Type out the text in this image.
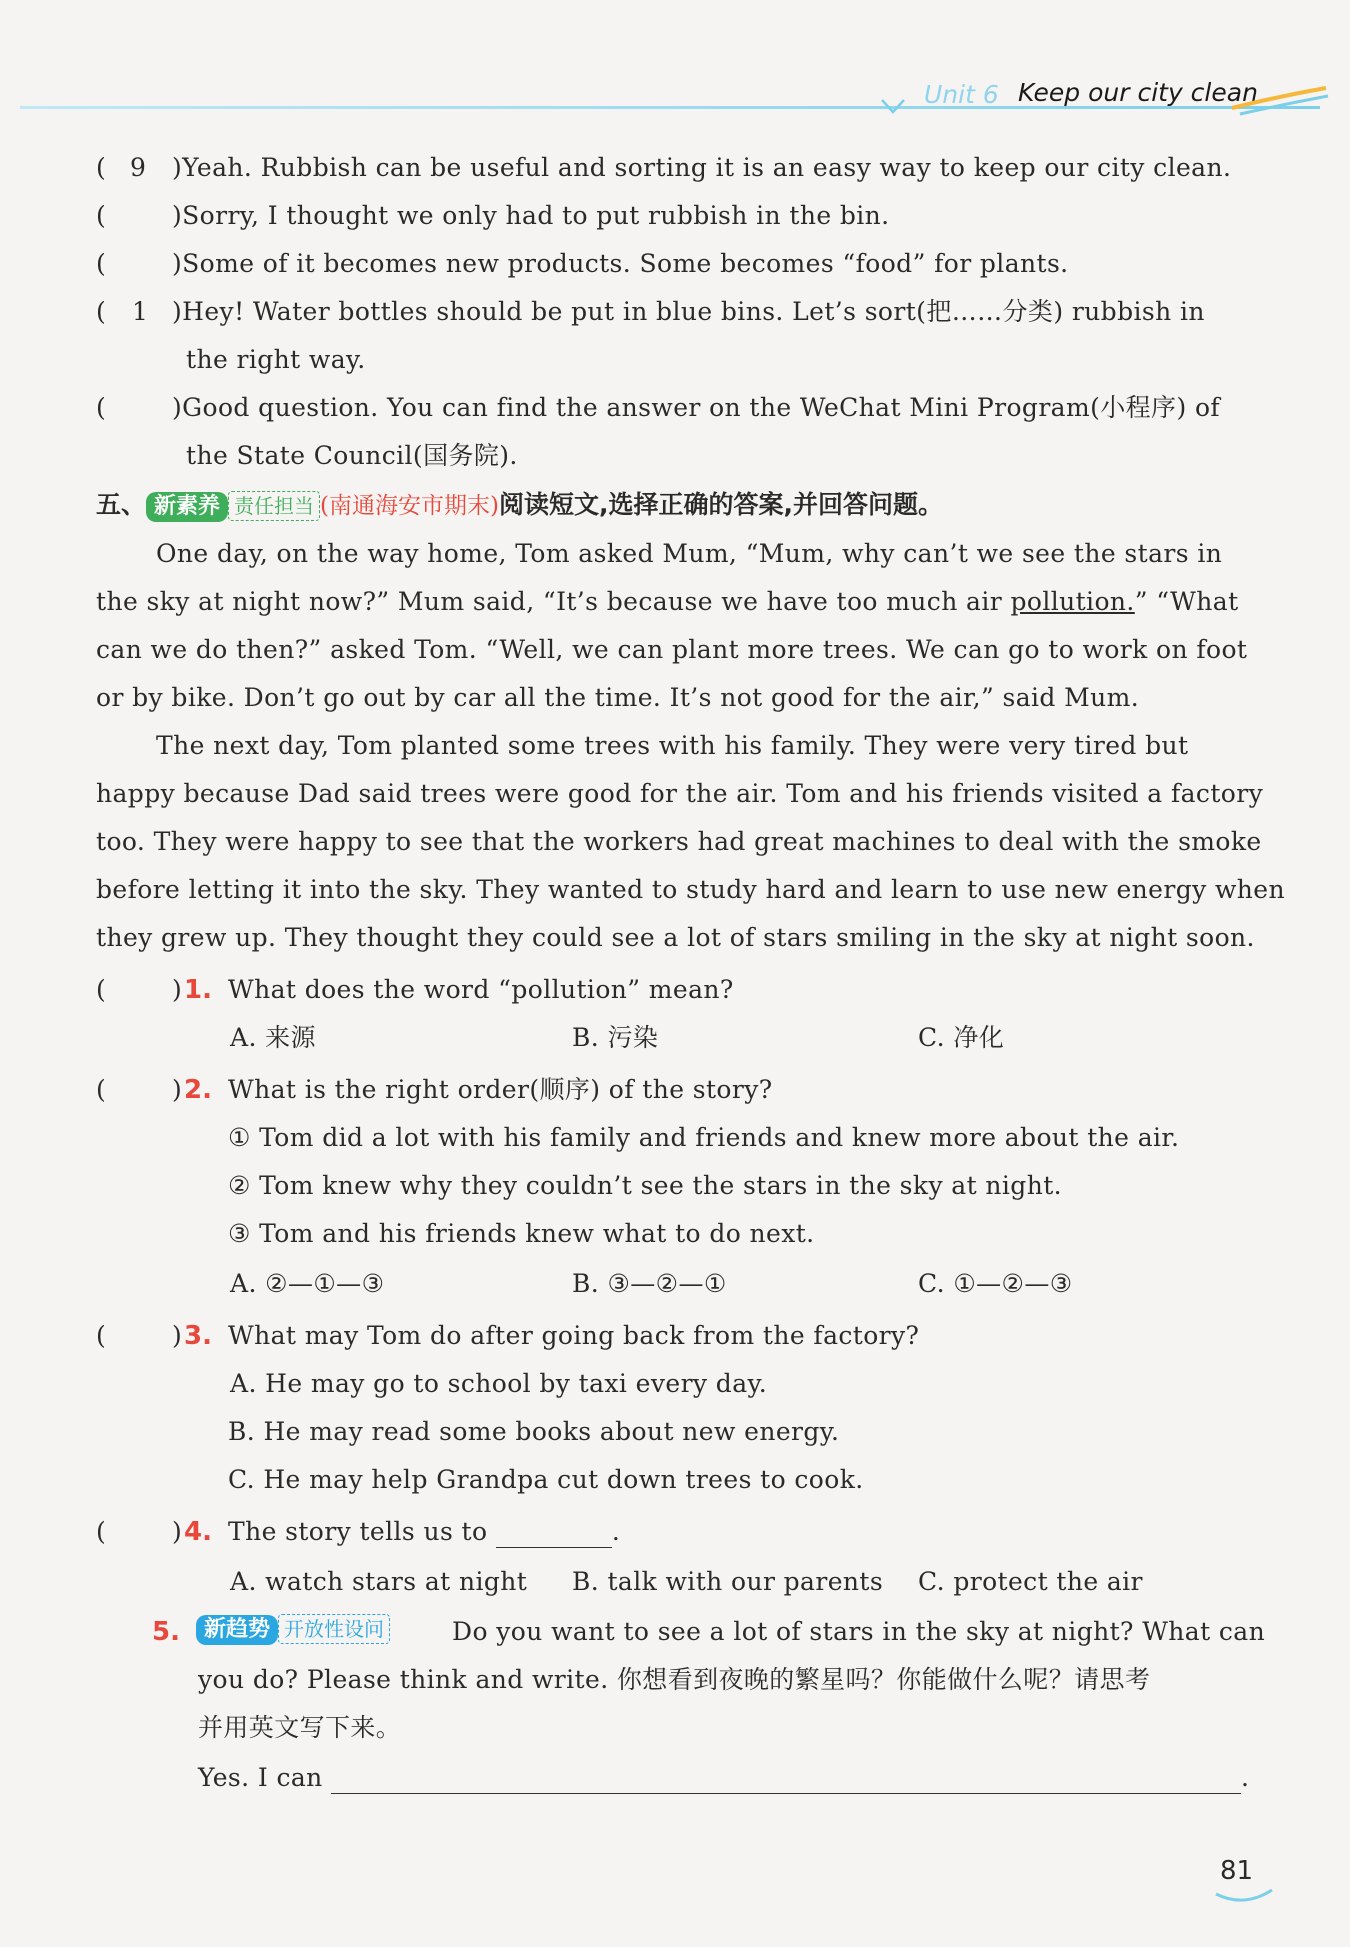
Unit 6 Keep our city clean
( 9 )Yeah. Rubbish can be useful and sorting it is an easy way to keep our city clean.
(	)Sorry, I thought we only had to put rubbish in the bin.
(	)Some of it becomes new products. Some becomes “food” for plants.
( 1 )Hey! Water bottles should be put in blue bins. Let’s sort(把……分类) rubbish in
the right way.
(	)Good question. You can find the answer on the WeChat Mini Program(小程序) of
the State Council(国务院).
五、 新素养 责任担当 (南通海安市期末)阅读短文,选择正确的答案,并回答问题。
One day, on the way home, Tom asked Mum, “Mum, why can’t we see the stars in
the sky at night now?” Mum said, “It’s because we have too much air pollution.” “What
can we do then?” asked Tom. “Well, we can plant more trees. We can go to work on foot
or by bike. Don’t go out by car all the time. It’s not good for the air,” said Mum.
The next day, Tom planted some trees with his family. They were very tired but
happy because Dad said trees were good for the air. Tom and his friends visited a factory
too. They were happy to see that the workers had great machines to deal with the smoke
before letting it into the sky. They wanted to study hard and learn to use new energy when
they grew up. They thought they could see a lot of stars smiling in the sky at night soon.
(	) 1. What does the word “pollution” mean?
A. 来源	B. 污染	C. 净化
(	) 2. What is the right order(顺序) of the story?
① Tom did a lot with his family and friends and knew more about the air.
② Tom knew why they couldn’t see the stars in the sky at night.
③ Tom and his friends knew what to do next.
A. ②—①—③	B. ③—②—①	C. ①—②—③
(	) 3. What may Tom do after going back from the factory?
A. He may go to school by taxi every day.
B. He may read some books about new energy.
C. He may help Grandpa cut down trees to cook.
(	) 4. The story tells us to	.
A. watch stars at night B. talk with our parents C. protect the air
5.	新趋势 开放性设问	Do you want to see a lot of stars in the sky at night? What can
you do? Please think and write. 你想看到夜晚的繁星吗？你能做什么呢？请思考
并用英文写下来。
Yes. I can	.
81
